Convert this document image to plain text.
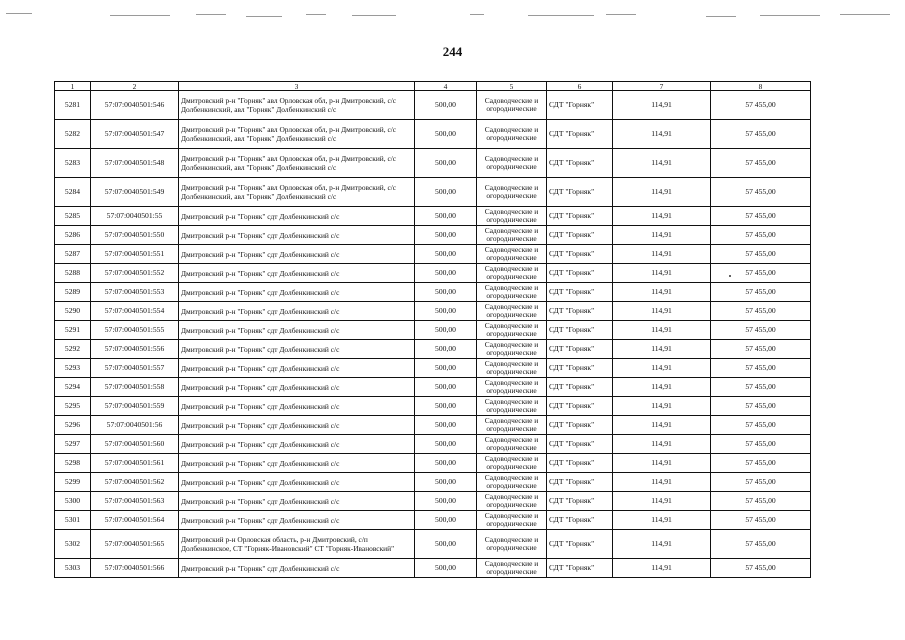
244
1	2	3	4	5	6	7	8
5281	57:07:0040501:546	Дмитровский р-н "Горняк" авл Орловская обл, р-н Дмитровский, с/с Долбенкинский, авл "Горняк" Долбенкинский с/с	500,00	Садоводческие и огороднические	СДТ "Горняк"	114,91	57 455,00
5282	57:07:0040501:547	Дмитровский р-н "Горняк" авл Орловская обл, р-н Дмитровский, с/с Долбенкинский, авл "Горняк" Долбенкинский с/с	500,00	Садоводческие и огороднические	СДТ "Горняк"	114,91	57 455,00
5283	57:07:0040501:548	Дмитровский р-н "Горняк" авл Орловская обл, р-н Дмитровский, с/с Долбенкинский, авл "Горняк" Долбенкинский с/с	500,00	Садоводческие и огороднические	СДТ "Горняк"	114,91	57 455,00
5284	57:07:0040501:549	Дмитровский р-н "Горняк" авл Орловская обл, р-н Дмитровский, с/с Долбенкинский, авл "Горняк" Долбенкинский с/с	500,00	Садоводческие и огороднические	СДТ "Горняк"	114,91	57 455,00
5285	57:07:0040501:55	Дмитровский р-н "Горняк" сдт Долбенкинский с/с	500,00	Садоводческие и огороднические	СДТ "Горняк"	114,91	57 455,00
5286	57:07:0040501:550	Дмитровский р-н "Горняк" сдт Долбенкинский с/с	500,00	Садоводческие и огороднические	СДТ "Горняк"	114,91	57 455,00
5287	57:07:0040501:551	Дмитровский р-н "Горняк" сдт Долбенкинский с/с	500,00	Садоводческие и огороднические	СДТ "Горняк"	114,91	57 455,00
5288	57:07:0040501:552	Дмитровский р-н "Горняк" сдт Долбенкинский с/с	500,00	Садоводческие и огороднические	СДТ "Горняк"	114,91	57 455,00
5289	57:07:0040501:553	Дмитровский р-н "Горняк" сдт Долбенкинский с/с	500,00	Садоводческие и огороднические	СДТ "Горняк"	114,91	57 455,00
5290	57:07:0040501:554	Дмитровский р-н "Горняк" сдт Долбенкинский с/с	500,00	Садоводческие и огороднические	СДТ "Горняк"	114,91	57 455,00
5291	57:07:0040501:555	Дмитровский р-н "Горняк" сдт Долбенкинский с/с	500,00	Садоводческие и огороднические	СДТ "Горняк"	114,91	57 455,00
5292	57:07:0040501:556	Дмитровский р-н "Горняк" сдт Долбенкинский с/с	500,00	Садоводческие и огороднические	СДТ "Горняк"	114,91	57 455,00
5293	57:07:0040501:557	Дмитровский р-н "Горняк" сдт Долбенкинский с/с	500,00	Садоводческие и огороднические	СДТ "Горняк"	114,91	57 455,00
5294	57:07:0040501:558	Дмитровский р-н "Горняк" сдт Долбенкинский с/с	500,00	Садоводческие и огороднические	СДТ "Горняк"	114,91	57 455,00
5295	57:07:0040501:559	Дмитровский р-н "Горняк" сдт Долбенкинский с/с	500,00	Садоводческие и огороднические	СДТ "Горняк"	114,91	57 455,00
5296	57:07:0040501:56	Дмитровский р-н "Горняк" сдт Долбенкинский с/с	500,00	Садоводческие и огороднические	СДТ "Горняк"	114,91	57 455,00
5297	57:07:0040501:560	Дмитровский р-н "Горняк" сдт Долбенкинский с/с	500,00	Садоводческие и огороднические	СДТ "Горняк"	114,91	57 455,00
5298	57:07:0040501:561	Дмитровский р-н "Горняк" сдт Долбенкинский с/с	500,00	Садоводческие и огороднические	СДТ "Горняк"	114,91	57 455,00
5299	57:07:0040501:562	Дмитровский р-н "Горняк" сдт Долбенкинский с/с	500,00	Садоводческие и огороднические	СДТ "Горняк"	114,91	57 455,00
5300	57:07:0040501:563	Дмитровский р-н "Горняк" сдт Долбенкинский с/с	500,00	Садоводческие и огороднические	СДТ "Горняк"	114,91	57 455,00
5301	57:07:0040501:564	Дмитровский р-н "Горняк" сдт Долбенкинский с/с	500,00	Садоводческие и огороднические	СДТ "Горняк"	114,91	57 455,00
5302	57:07:0040501:565	Дмитровский р-н Орловская область, р-н Дмитровский, с/п Долбенкинское, СТ "Горняк-Ивановский" СТ "Горняк-Ивановский"	500,00	Садоводческие и огороднические	СДТ "Горняк"	114,91	57 455,00
5303	57:07:0040501:566	Дмитровский р-н "Горняк" сдт Долбенкинский с/с	500,00	Садоводческие и огороднические	СДТ "Горняк"	114,91	57 455,00
